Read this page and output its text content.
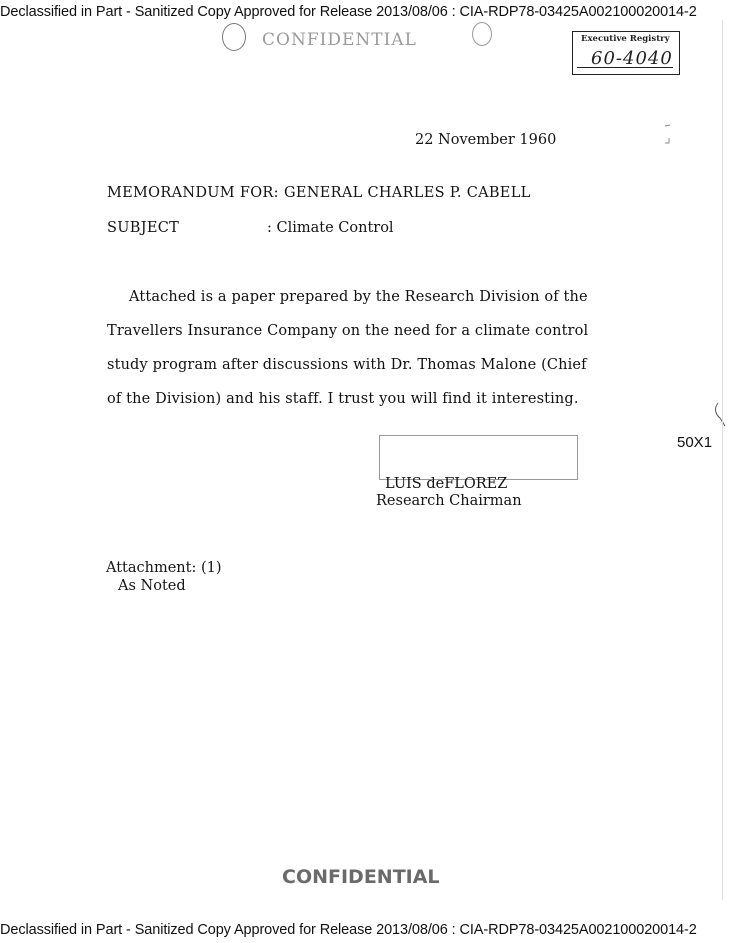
Declassified in Part - Sanitized Copy Approved for Release 2013/08/06 : CIA-RDP78-03425A002100020014-2
CONFIDENTIAL	Executive Registry
60-4040
22 November 1960
MEMORANDUM FOR: GENERAL CHARLES P. CABELL
SUBJECT	: Climate Control
Attached is a paper prepared by the Research Division of the
Travellers Insurance Company on the need for a climate control
study program after discussions with Dr. Thomas Malone (Chief
of the Division) and his staff. I trust you will find it interesting.
LUIS deFLOREZ
Research Chairman
50X1
Attachment: (1)
As Noted
CONFIDENTIAL
Declassified in Part - Sanitized Copy Approved for Release 2013/08/06 : CIA-RDP78-03425A002100020014-2
